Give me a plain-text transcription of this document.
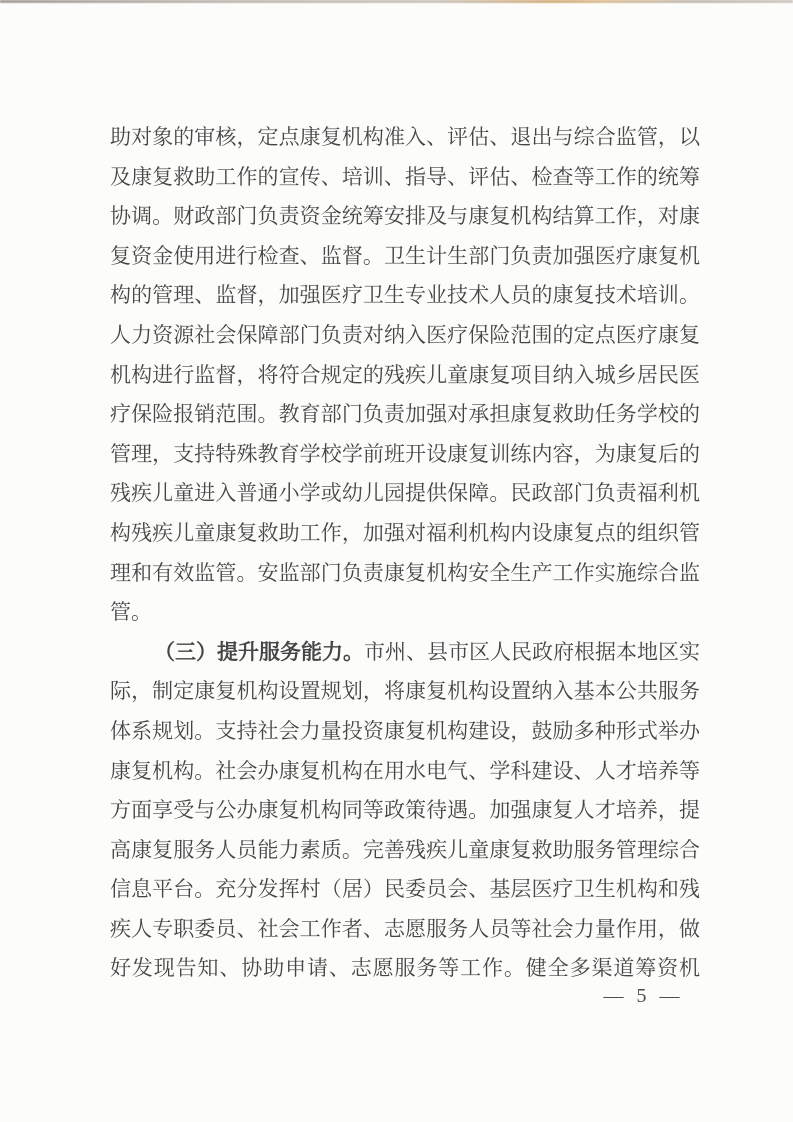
助对象的审核，定点康复机构准入、评估、退出与综合监管，以
及康复救助工作的宣传、培训、指导、评估、检查等工作的统筹
协调。财政部门负责资金统筹安排及与康复机构结算工作，对康
复资金使用进行检查、监督。卫生计生部门负责加强医疗康复机
构的管理、监督，加强医疗卫生专业技术人员的康复技术培训。
人力资源社会保障部门负责对纳入医疗保险范围的定点医疗康复
机构进行监督，将符合规定的残疾儿童康复项目纳入城乡居民医
疗保险报销范围。教育部门负责加强对承担康复救助任务学校的
管理，支持特殊教育学校学前班开设康复训练内容，为康复后的
残疾儿童进入普通小学或幼儿园提供保障。民政部门负责福利机
构残疾儿童康复救助工作，加强对福利机构内设康复点的组织管
理和有效监管。安监部门负责康复机构安全生产工作实施综合监
管。
（三）提升服务能力。市州、县市区人民政府根据本地区实
际，制定康复机构设置规划，将康复机构设置纳入基本公共服务
体系规划。支持社会力量投资康复机构建设，鼓励多种形式举办
康复机构。社会办康复机构在用水电气、学科建设、人才培养等
方面享受与公办康复机构同等政策待遇。加强康复人才培养，提
高康复服务人员能力素质。完善残疾儿童康复救助服务管理综合
信息平台。充分发挥村（居）民委员会、基层医疗卫生机构和残
疾人专职委员、社会工作者、志愿服务人员等社会力量作用，做
好发现告知、协助申请、志愿服务等工作。健全多渠道筹资机
— 5 —
